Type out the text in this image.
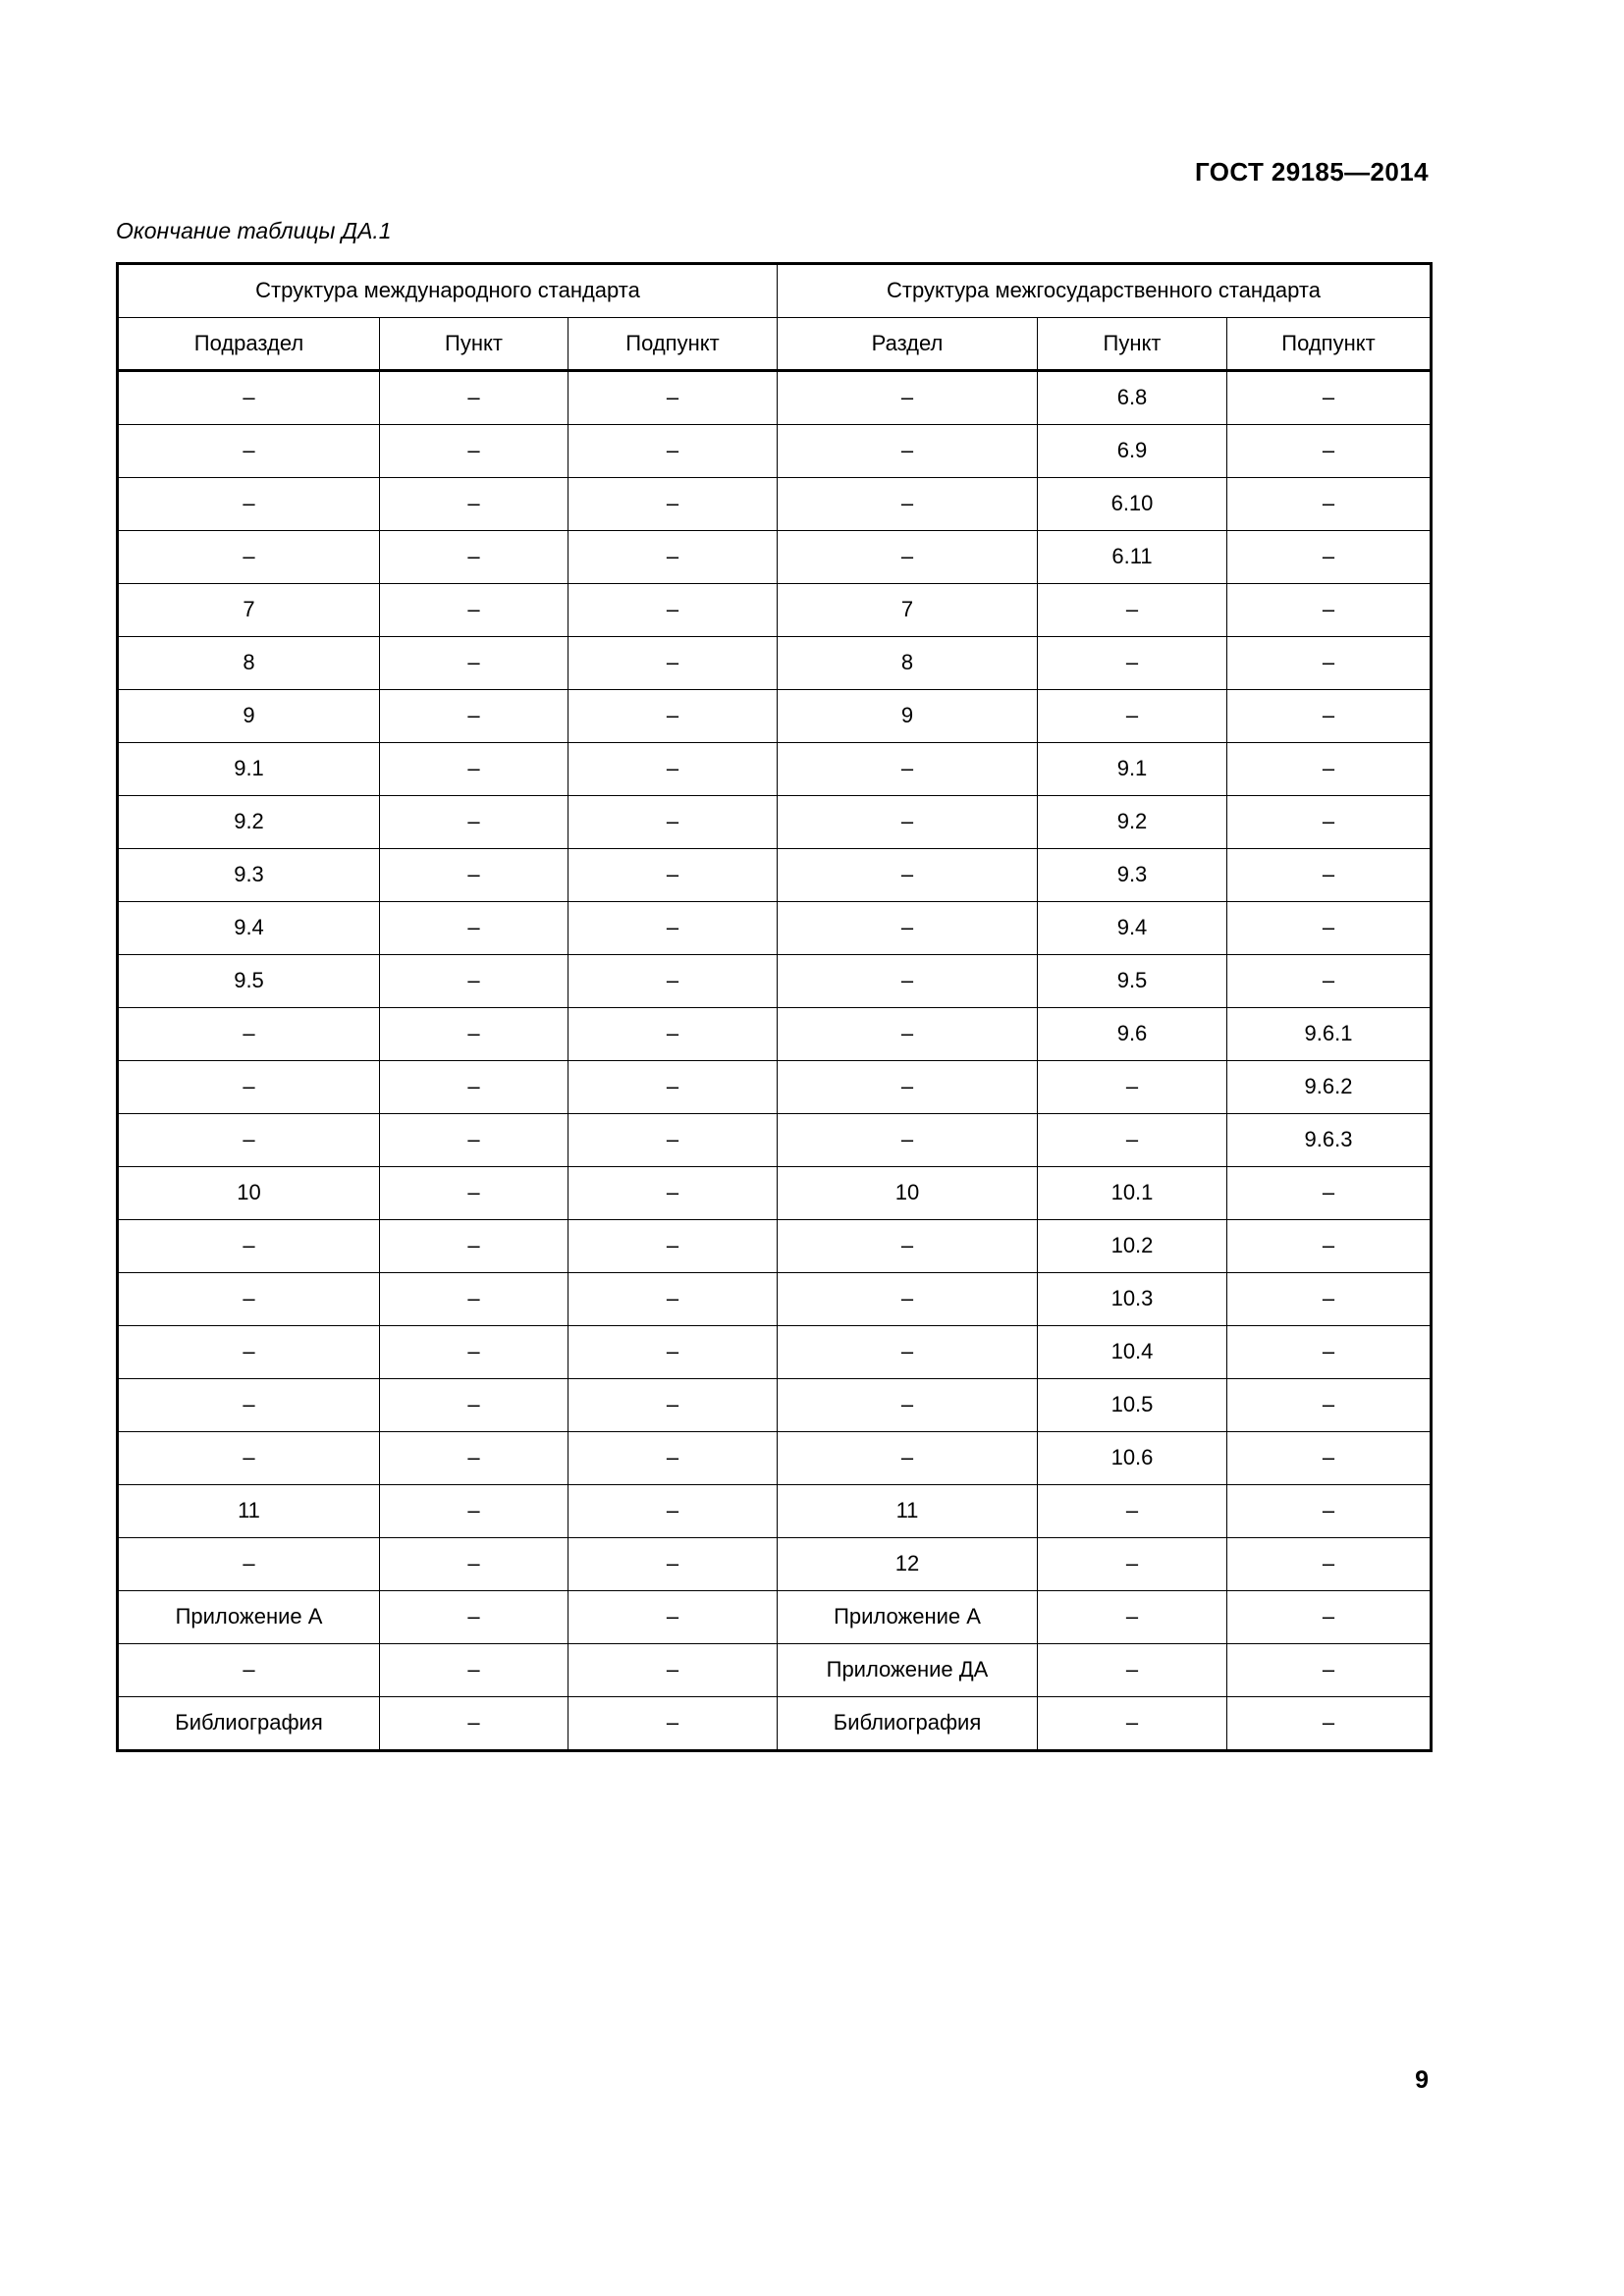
ГОСТ 29185—2014
Окончание таблицы ДА.1
Структура международного стандарта			Структура межгосударственного стандарта		
Подраздел	Пункт	Подпункт	Раздел	Пункт	Подпункт
–	–	–	–	6.8	–
–	–	–	–	6.9	–
–	–	–	–	6.10	–
–	–	–	–	6.11	–
7	–	–	7	–	–
8	–	–	8	–	–
9	–	–	9	–	–
9.1	–	–	–	9.1	–
9.2	–	–	–	9.2	–
9.3	–	–	–	9.3	–
9.4	–	–	–	9.4	–
9.5	–	–	–	9.5	–
–	–	–	–	9.6	9.6.1
–	–	–	–	–	9.6.2
–	–	–	–	–	9.6.3
10	–	–	10	10.1	–
–	–	–	–	10.2	–
–	–	–	–	10.3	–
–	–	–	–	10.4	–
–	–	–	–	10.5	–
–	–	–	–	10.6	–
11	–	–	11	–	–
–	–	–	12	–	–
Приложение А	–	–	Приложение А	–	–
–	–	–	Приложение ДА	–	–
Библиография	–	–	Библиография	–	–
9
